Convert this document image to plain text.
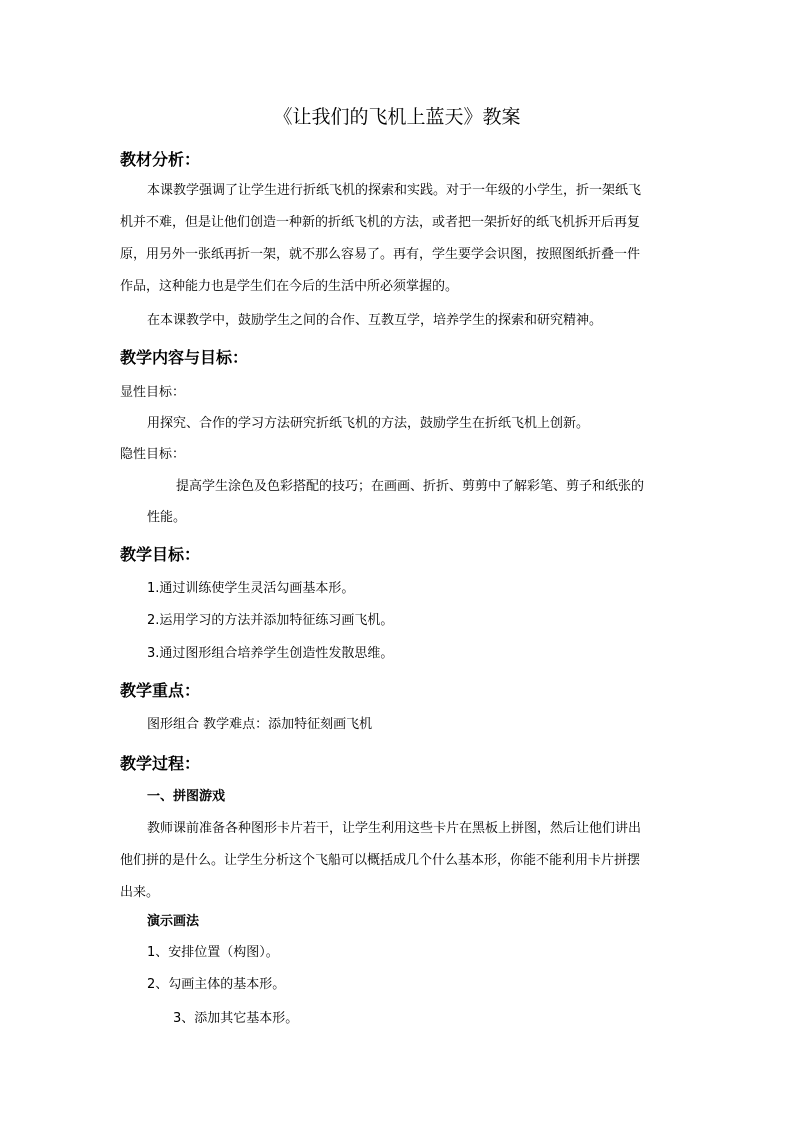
《让我们的飞机上蓝天》教案
教材分析：

本课教学强调了让学生进行折纸飞机的探索和实践。对于一年级的小学生，折一架纸飞

机并不难，但是让他们创造一种新的折纸飞机的方法，或者把一架折好的纸飞机拆开后再复

原，用另外一张纸再折一架，就不那么容易了。再有，学生要学会识图，按照图纸折叠一件

作品，这种能力也是学生们在今后的生活中所必须掌握的。

在本课教学中，鼓励学生之间的合作、互教互学，培养学生的探索和研究精神。

教学内容与目标：

显性目标：

用探究、合作的学习方法研究折纸飞机的方法，鼓励学生在折纸飞机上创新。

隐性目标：

提高学生涂色及色彩搭配的技巧；在画画、折折、剪剪中了解彩笔、剪子和纸张的

性能。

教学目标：

1.通过训练使学生灵活勾画基本形。

2.运用学习的方法并添加特征练习画飞机。

3.通过图形组合培养学生创造性发散思维。

教学重点：

图形组合 教学难点：添加特征刻画飞机

教学过程：

一、拼图游戏

教师课前准备各种图形卡片若干，让学生利用这些卡片在黑板上拼图，然后让他们讲出

他们拼的是什么。让学生分析这个飞船可以概括成几个什么基本形，你能不能利用卡片拼摆

出来。

演示画法

1、安排位置（构图）。

2、勾画主体的基本形。

3、添加其它基本形。
